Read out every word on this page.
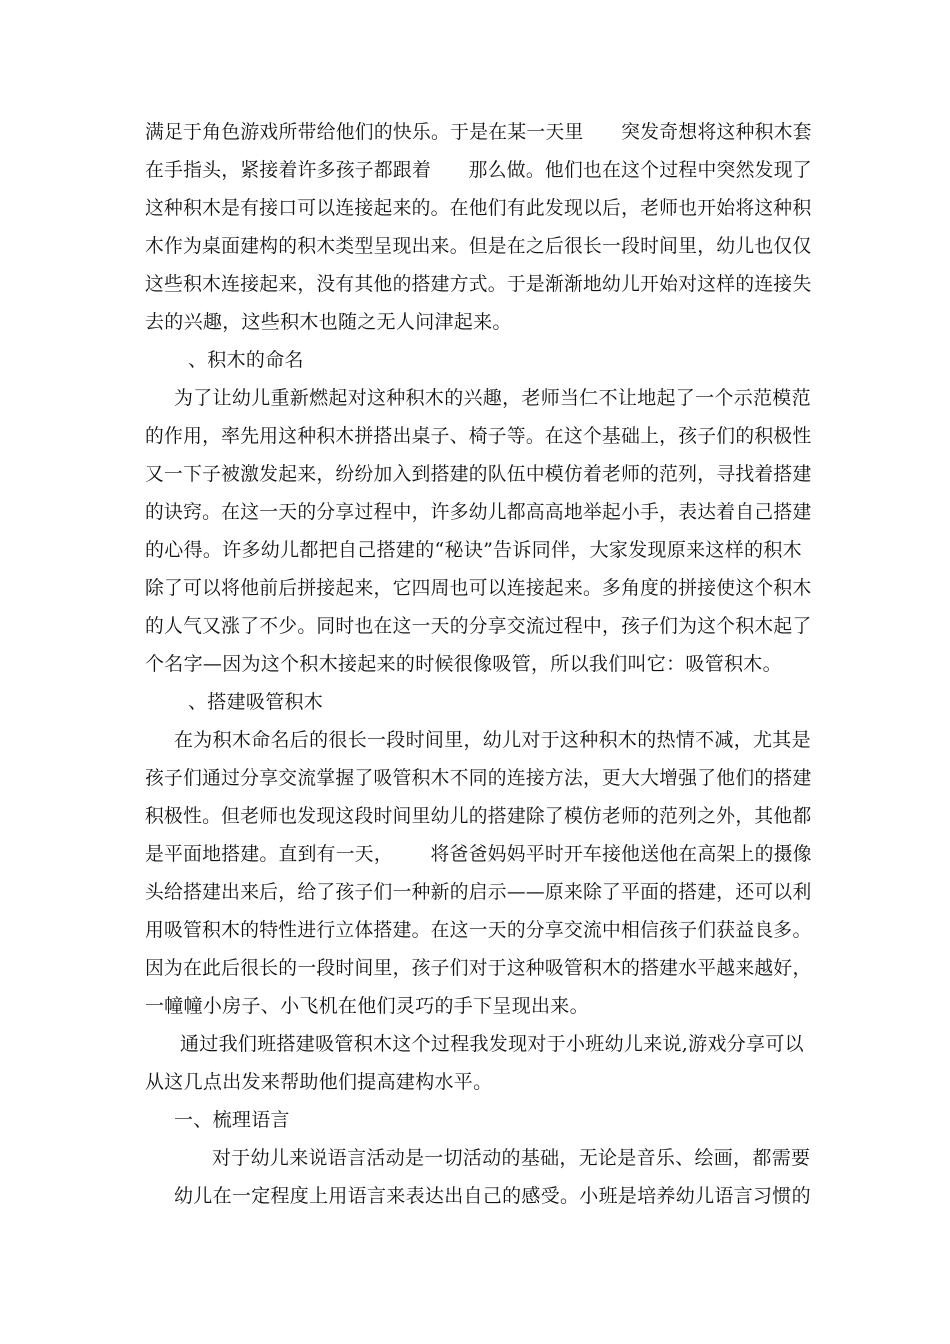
满足于角色游戏所带给他们的快乐。于是在某一天里 突发奇想将这种积木套
在手指头，紧接着许多孩子都跟着 那么做。他们也在这个过程中突然发现了
这种积木是有接口可以连接起来的。在他们有此发现以后，老师也开始将这种积
木作为桌面建构的积木类型呈现出来。但是在之后很长一段时间里，幼儿也仅仅
这些积木连接起来，没有其他的搭建方式。于是渐渐地幼儿开始对这样的连接失
去的兴趣，这些积木也随之无人问津起来。
、积木的命名
为了让幼儿重新燃起对这种积木的兴趣，老师当仁不让地起了一个示范模范
的作用，率先用这种积木拼搭出桌子、椅子等。在这个基础上，孩子们的积极性
又一下子被激发起来，纷纷加入到搭建的队伍中模仿着老师的范列，寻找着搭建
的诀窍。在这一天的分享过程中，许多幼儿都高高地举起小手，表达着自己搭建
的心得。许多幼儿都把自己搭建的“秘诀”告诉同伴，大家发现原来这样的积木
除了可以将他前后拼接起来，它四周也可以连接起来。多角度的拼接使这个积木
的人气又涨了不少。同时也在这一天的分享交流过程中，孩子们为这个积木起了
个名字—因为这个积木接起来的时候很像吸管，所以我们叫它：吸管积木。
、搭建吸管积木
在为积木命名后的很长一段时间里，幼儿对于这种积木的热情不减，尤其是
孩子们通过分享交流掌握了吸管积木不同的连接方法，更大大增强了他们的搭建
积极性。但老师也发现这段时间里幼儿的搭建除了模仿老师的范列之外，其他都
是平面地搭建。直到有一天， 将爸爸妈妈平时开车接他送他在高架上的摄像
头给搭建出来后，给了孩子们一种新的启示——原来除了平面的搭建，还可以利
用吸管积木的特性进行立体搭建。在这一天的分享交流中相信孩子们获益良多。
因为在此后很长的一段时间里，孩子们对于这种吸管积木的搭建水平越来越好，
一幢幢小房子、小飞机在他们灵巧的手下呈现出来。
通过我们班搭建吸管积木这个过程我发现对于小班幼儿来说,游戏分享可以
从这几点出发来帮助他们提高建构水平。
一、梳理语言
对于幼儿来说语言活动是一切活动的基础，无论是音乐、绘画，都需要
幼儿在一定程度上用语言来表达出自己的感受。小班是培养幼儿语言习惯的
